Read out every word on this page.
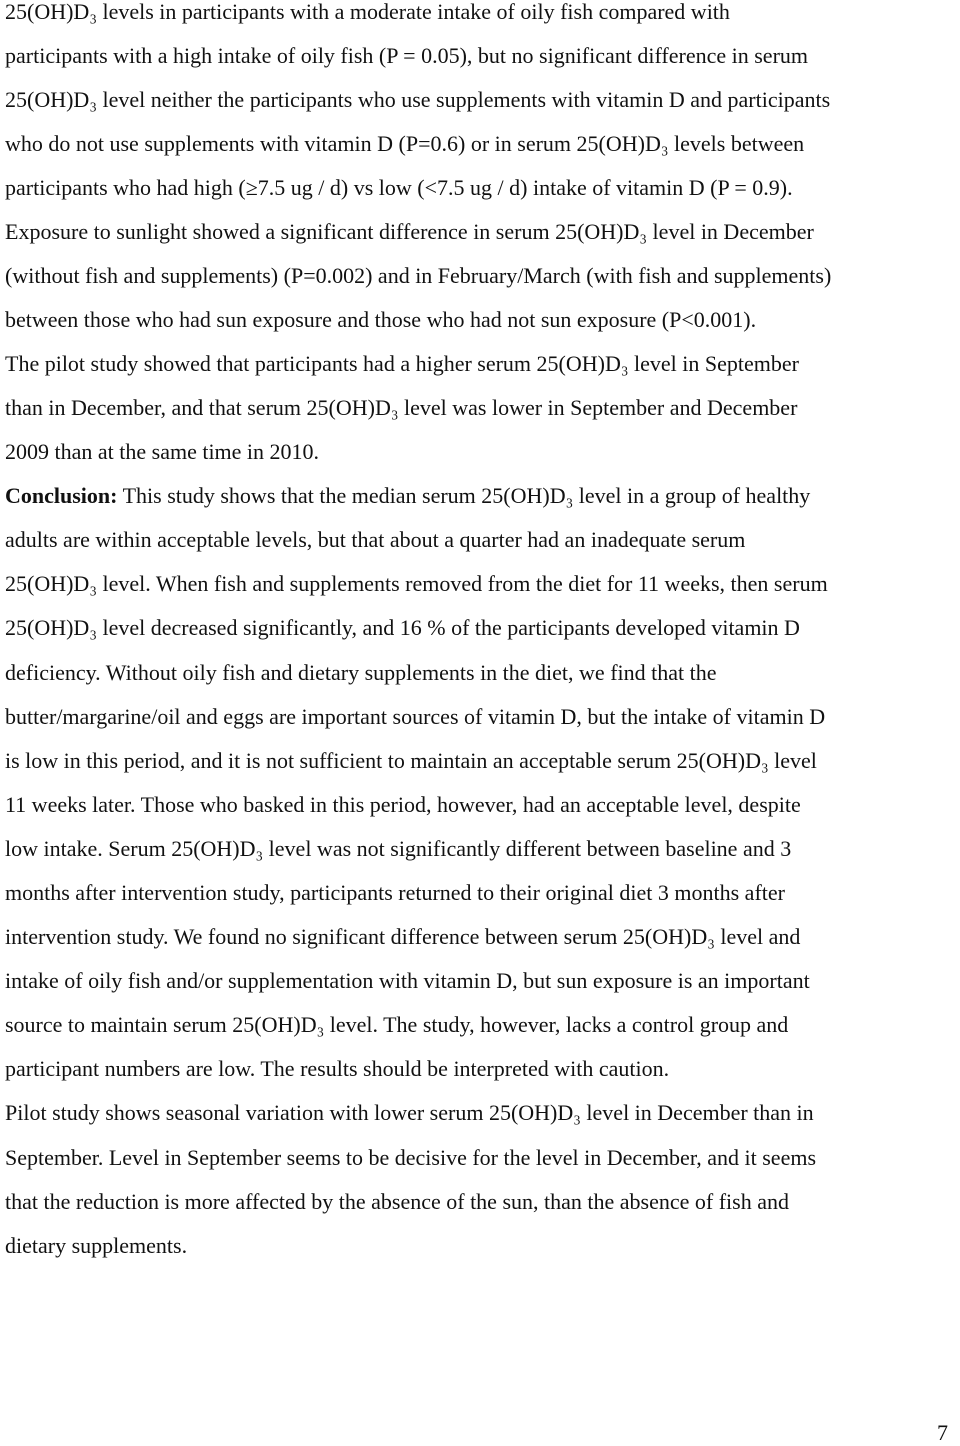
25(OH)D₃ levels in participants with a moderate intake of oily fish compared with
participants with a high intake of oily fish (P = 0.05), but no significant difference in serum
25(OH)D₃ level neither the participants who use supplements with vitamin D and participants
who do not use supplements with vitamin D (P=0.6) or in serum 25(OH)D₃ levels between
participants who had high (≥7.5 ug / d) vs low (<7.5 ug / d) intake of vitamin D (P = 0.9).
Exposure to sunlight showed a significant difference in serum 25(OH)D₃ level in December
(without fish and supplements) (P=0.002) and in February/March (with fish and supplements)
between those who had sun exposure and those who had not sun exposure (P<0.001).
The pilot study showed that participants had a higher serum 25(OH)D₃ level in September
than in December, and that serum 25(OH)D₃ level was lower in September and December
2009 than at the same time in 2010.
Conclusion: This study shows that the median serum 25(OH)D₃ level in a group of healthy
adults are within acceptable levels, but that about a quarter had an inadequate serum
25(OH)D₃ level. When fish and supplements removed from the diet for 11 weeks, then serum
25(OH)D₃ level decreased significantly, and 16 % of the participants developed vitamin D
deficiency. Without oily fish and dietary supplements in the diet, we find that the
butter/margarine/oil and eggs are important sources of vitamin D, but the intake of vitamin D
is low in this period, and it is not sufficient to maintain an acceptable serum 25(OH)D₃ level
11 weeks later. Those who basked in this period, however, had an acceptable level, despite
low intake. Serum 25(OH)D₃ level was not significantly different between baseline and 3
months after intervention study, participants returned to their original diet 3 months after
intervention study. We found no significant difference between serum 25(OH)D₃ level and
intake of oily fish and/or supplementation with vitamin D, but sun exposure is an important
source to maintain serum 25(OH)D₃ level. The study, however, lacks a control group and
participant numbers are low. The results should be interpreted with caution.
Pilot study shows seasonal variation with lower serum 25(OH)D₃ level in December than in
September. Level in September seems to be decisive for the level in December, and it seems
that the reduction is more affected by the absence of the sun, than the absence of fish and
dietary supplements.
7
